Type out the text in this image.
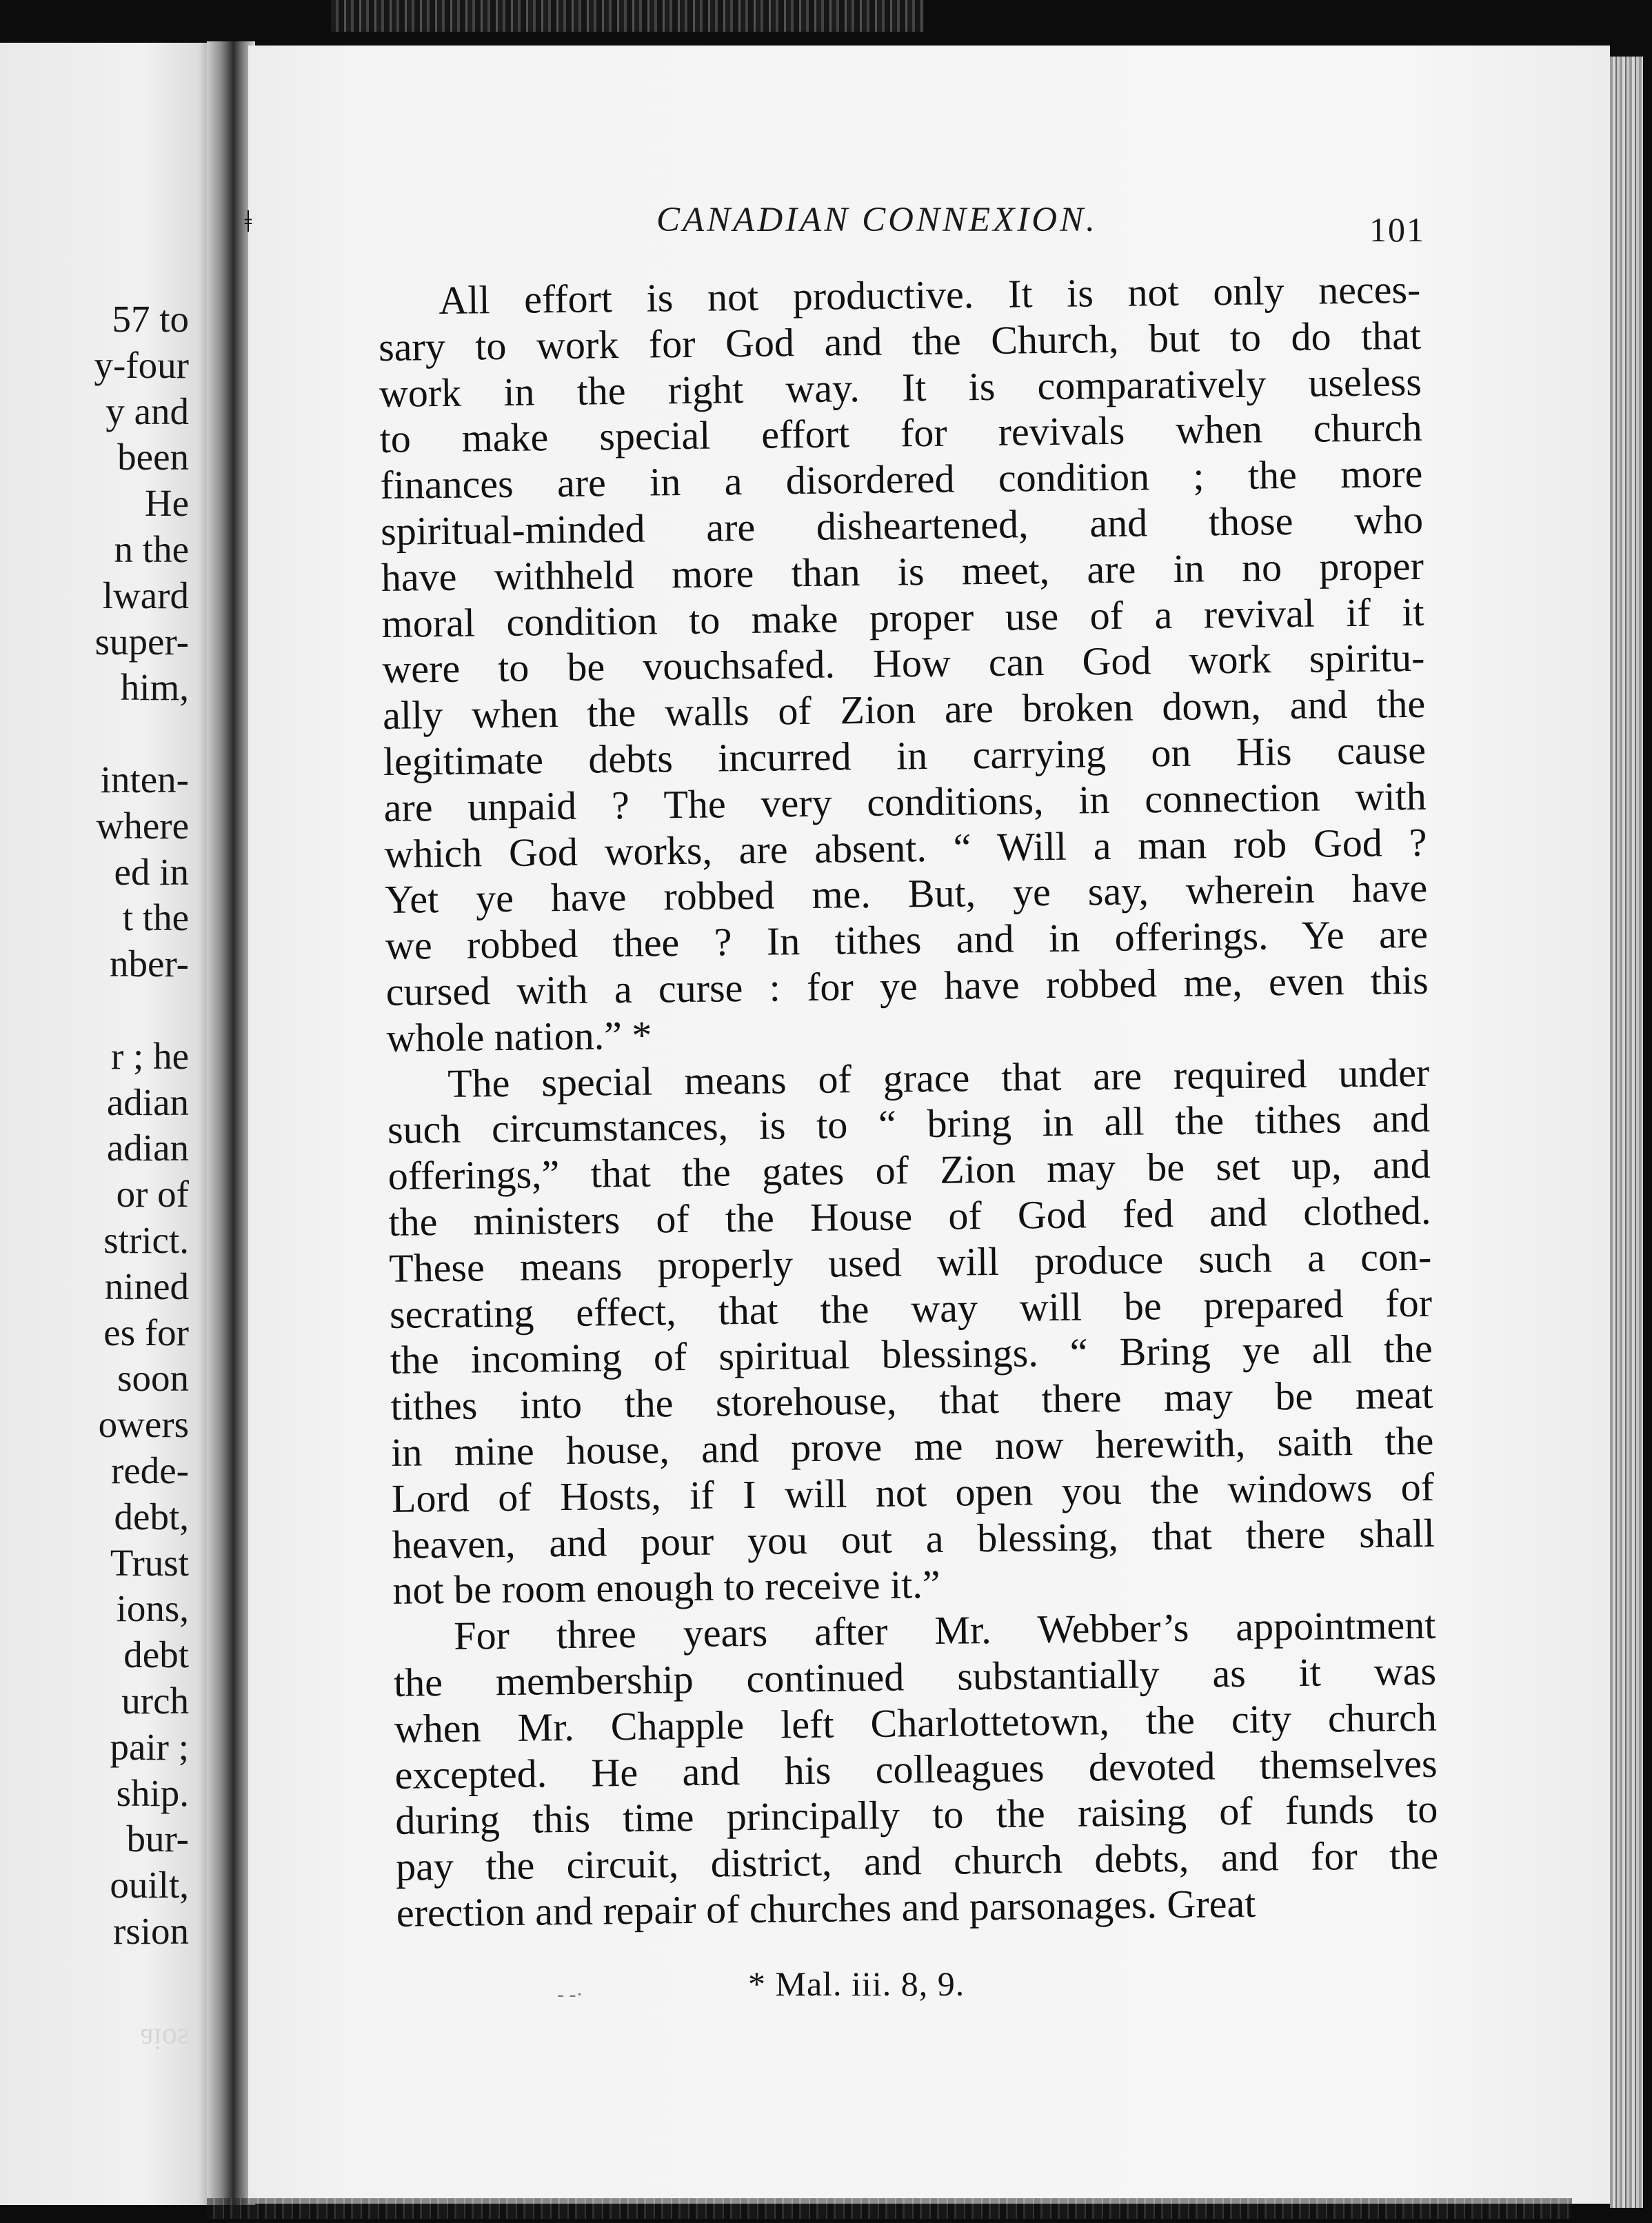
57 to
y-four
y and
been
He
n the
lward
super-
him,
inten-
where
ed in
t the
nber-
r ; he
adian
adian
or of
strict.
nined
es for
soon
owers
rede-
debt,
Trust
ions,
debt
urch
pair ;
ship.
bur-
ouilt,
rsion
aios
ǂ	CANADIAN CONNEXION.	101
All effort is not productive. It is not only neces-
sary to work for God and the Church, but to do that
work in the right way. It is comparatively useless
to make special effort for revivals when church
finances are in a disordered condition ; the more
spiritual-minded are disheartened, and those who
have withheld more than is meet, are in no proper
moral condition to make proper use of a revival if it
were to be vouchsafed. How can God work spiritu-
ally when the walls of Zion are broken down, and the
legitimate debts incurred in carrying on His cause
are unpaid ? The very conditions, in connection with
which God works, are absent. “ Will a man rob God ?
Yet ye have robbed me. But, ye say, wherein have
we robbed thee ? In tithes and in offerings. Ye are
cursed with a curse : for ye have robbed me, even this
whole nation.” *
The special means of grace that are required under
such circumstances, is to “ bring in all the tithes and
offerings,” that the gates of Zion may be set up, and
the ministers of the House of God fed and clothed.
These means properly used will produce such a con-
secrating effect, that the way will be prepared for
the incoming of spiritual blessings. “ Bring ye all the
tithes into the storehouse, that there may be meat
in mine house, and prove me now herewith, saith the
Lord of Hosts, if I will not open you the windows of
heaven, and pour you out a blessing, that there shall
not be room enough to receive it.”
For three years after Mr. Webber’s appointment
the membership continued substantially as it was
when Mr. Chapple left Charlottetown, the city church
excepted. He and his colleagues devoted themselves
during this time principally to the raising of funds to
pay the circuit, district, and church debts, and for the
erection and repair of churches and parsonages. Great
‐ ‐·	* Mal. iii. 8, 9.
